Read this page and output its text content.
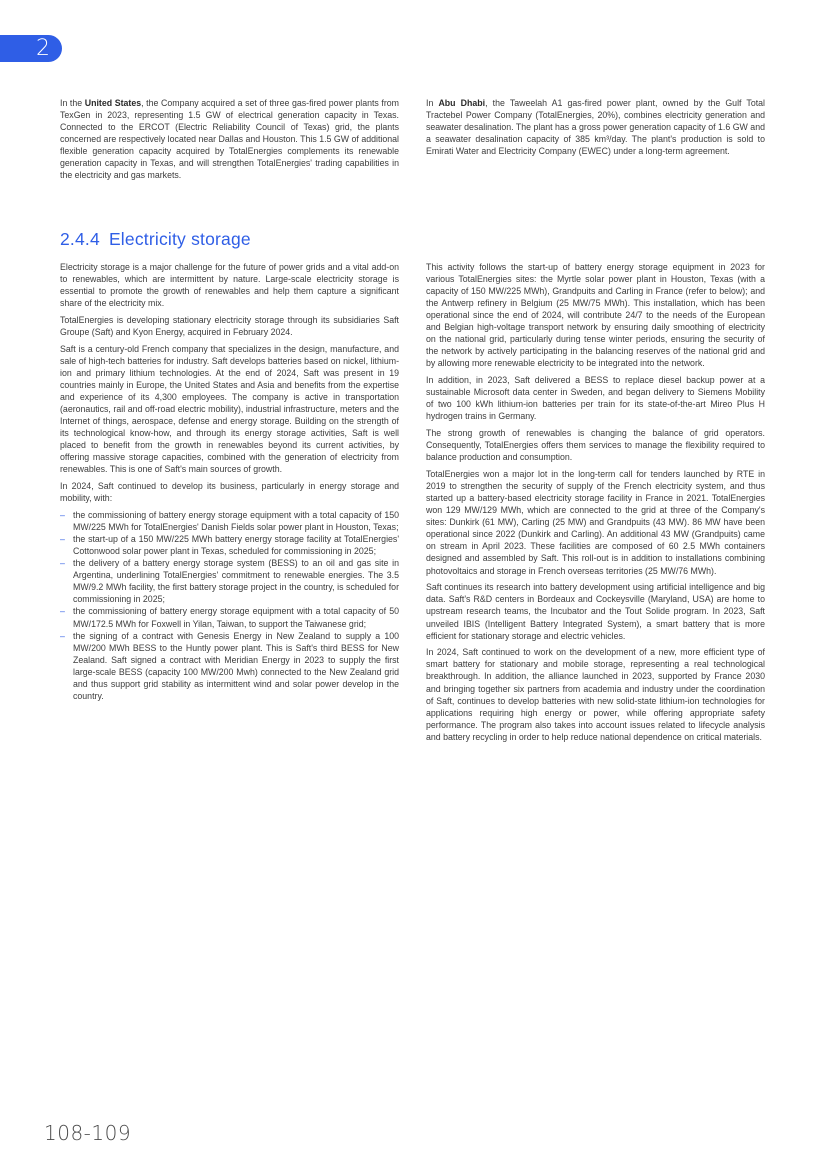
2

In the United States, the Company acquired a set of three gas-fired power plants from TexGen in 2023, representing 1.5 GW of electrical generation capacity in Texas. Connected to the ERCOT (Electric Reliability Council of Texas) grid, the plants concerned are respectively located near Dallas and Houston. This 1.5 GW of additional flexible generation capacity acquired by TotalEnergies complements its renewable generation capacity in Texas, and will strengthen TotalEnergies' trading capabilities in the electricity and gas markets.

In Abu Dhabi, the Taweelah A1 gas-fired power plant, owned by the Gulf Total Tractebel Power Company (TotalEnergies, 20%), combines electricity generation and seawater desalination. The plant has a gross power generation capacity of 1.6 GW and a seawater desalination capacity of 385 km³/day. The plant's production is sold to Emirati Water and Electricity Company (EWEC) under a long-term agreement.

2.4.4 Electricity storage

Electricity storage is a major challenge for the future of power grids and a vital add-on to renewables, which are intermittent by nature. Large-scale electricity storage is essential to promote the growth of renewables and help them capture a significant share of the electricity mix.

TotalEnergies is developing stationary electricity storage through its subsidiaries Saft Groupe (Saft) and Kyon Energy, acquired in February 2024.

Saft is a century-old French company that specializes in the design, manufacture, and sale of high-tech batteries for industry. Saft develops batteries based on nickel, lithium-ion and primary lithium technologies. At the end of 2024, Saft was present in 19 countries mainly in Europe, the United States and Asia and benefits from the expertise and experience of its 4,300 employees. The company is active in transportation (aeronautics, rail and off-road electric mobility), industrial infrastructure, meters and the Internet of things, aerospace, defense and energy storage. Building on the strength of its technological know-how, and through its energy storage activities, Saft is well placed to benefit from the growth in renewables beyond its current activities, by offering massive storage capacities, combined with the generation of electricity from renewables. This is one of Saft's main sources of growth.

In 2024, Saft continued to develop its business, particularly in energy storage and mobility, with:

– the commissioning of battery energy storage equipment with a total capacity of 150 MW/225 MWh for TotalEnergies' Danish Fields solar power plant in Houston, Texas;
– the start-up of a 150 MW/225 MWh battery energy storage facility at TotalEnergies' Cottonwood solar power plant in Texas, scheduled for commissioning in 2025;
– the delivery of a battery energy storage system (BESS) to an oil and gas site in Argentina, underlining TotalEnergies' commitment to renewable energies. The 3.5 MW/9.2 MWh facility, the first battery storage project in the country, is scheduled for commissioning in 2025;
– the commissioning of battery energy storage equipment with a total capacity of 50 MW/172.5 MWh for Foxwell in Yilan, Taiwan, to support the Taiwanese grid;
– the signing of a contract with Genesis Energy in New Zealand to supply a 100 MW/200 MWh BESS to the Huntly power plant. This is Saft's third BESS for New Zealand. Saft signed a contract with Meridian Energy in 2023 to supply the first large-scale BESS (capacity 100 MW/200 Mwh) connected to the New Zealand grid and thus support grid stability as intermittent wind and solar power develop in the country.

This activity follows the start-up of battery energy storage equipment in 2023 for various TotalEnergies sites: the Myrtle solar power plant in Houston, Texas (with a capacity of 150 MW/225 MWh), Grandpuits and Carling in France (refer to below); and the Antwerp refinery in Belgium (25 MW/75 MWh). This installation, which has been operational since the end of 2024, will contribute 24/7 to the needs of the European and Belgian high-voltage transport network by ensuring daily smoothing of electricity on the national grid, particularly during tense winter periods, ensuring the security of the network by actively participating in the balancing reserves of the national grid and by allowing more renewable electricity to be integrated into the network.

In addition, in 2023, Saft delivered a BESS to replace diesel backup power at a sustainable Microsoft data center in Sweden, and began delivery to Siemens Mobility of two 100 kWh lithium-ion batteries per train for its state-of-the-art Mireo Plus H hydrogen trains in Germany.

The strong growth of renewables is changing the balance of grid operators. Consequently, TotalEnergies offers them services to manage the flexibility required to balance production and consumption.

TotalEnergies won a major lot in the long-term call for tenders launched by RTE in 2019 to strengthen the security of supply of the French electricity system, and thus started up a battery-based electricity storage facility in France in 2021. TotalEnergies won 129 MW/129 MWh, which are connected to the grid at three of the Company's sites: Dunkirk (61 MW), Carling (25 MW) and Grandpuits (43 MW). 86 MW have been operational since 2022 (Dunkirk and Carling). An additional 43 MW (Grandpuits) came on stream in April 2023. These facilities are composed of 60 2.5 MWh containers designed and assembled by Saft. This roll-out is in addition to installations combining photovoltaics and storage in French overseas territories (25 MW/76 MWh).

Saft continues its research into battery development using artificial intelligence and big data. Saft's R&D centers in Bordeaux and Cockeysville (Maryland, USA) are home to upstream research teams, the Incubator and the Tout Solide program. In 2023, Saft unveiled IBIS (Intelligent Battery Integrated System), a smart battery that is more efficient for stationary storage and electric vehicles.

In 2024, Saft continued to work on the development of a new, more efficient type of smart battery for stationary and mobile storage, representing a real technological breakthrough. In addition, the alliance launched in 2023, supported by France 2030 and bringing together six partners from academia and industry under the coordination of Saft, continues to develop batteries with new solid-state lithium-ion technologies for applications requiring high energy or power, while offering appropriate safety performance. The program also takes into account issues related to lifecycle analysis and battery recycling in order to help reduce national dependence on critical materials.

108-109
